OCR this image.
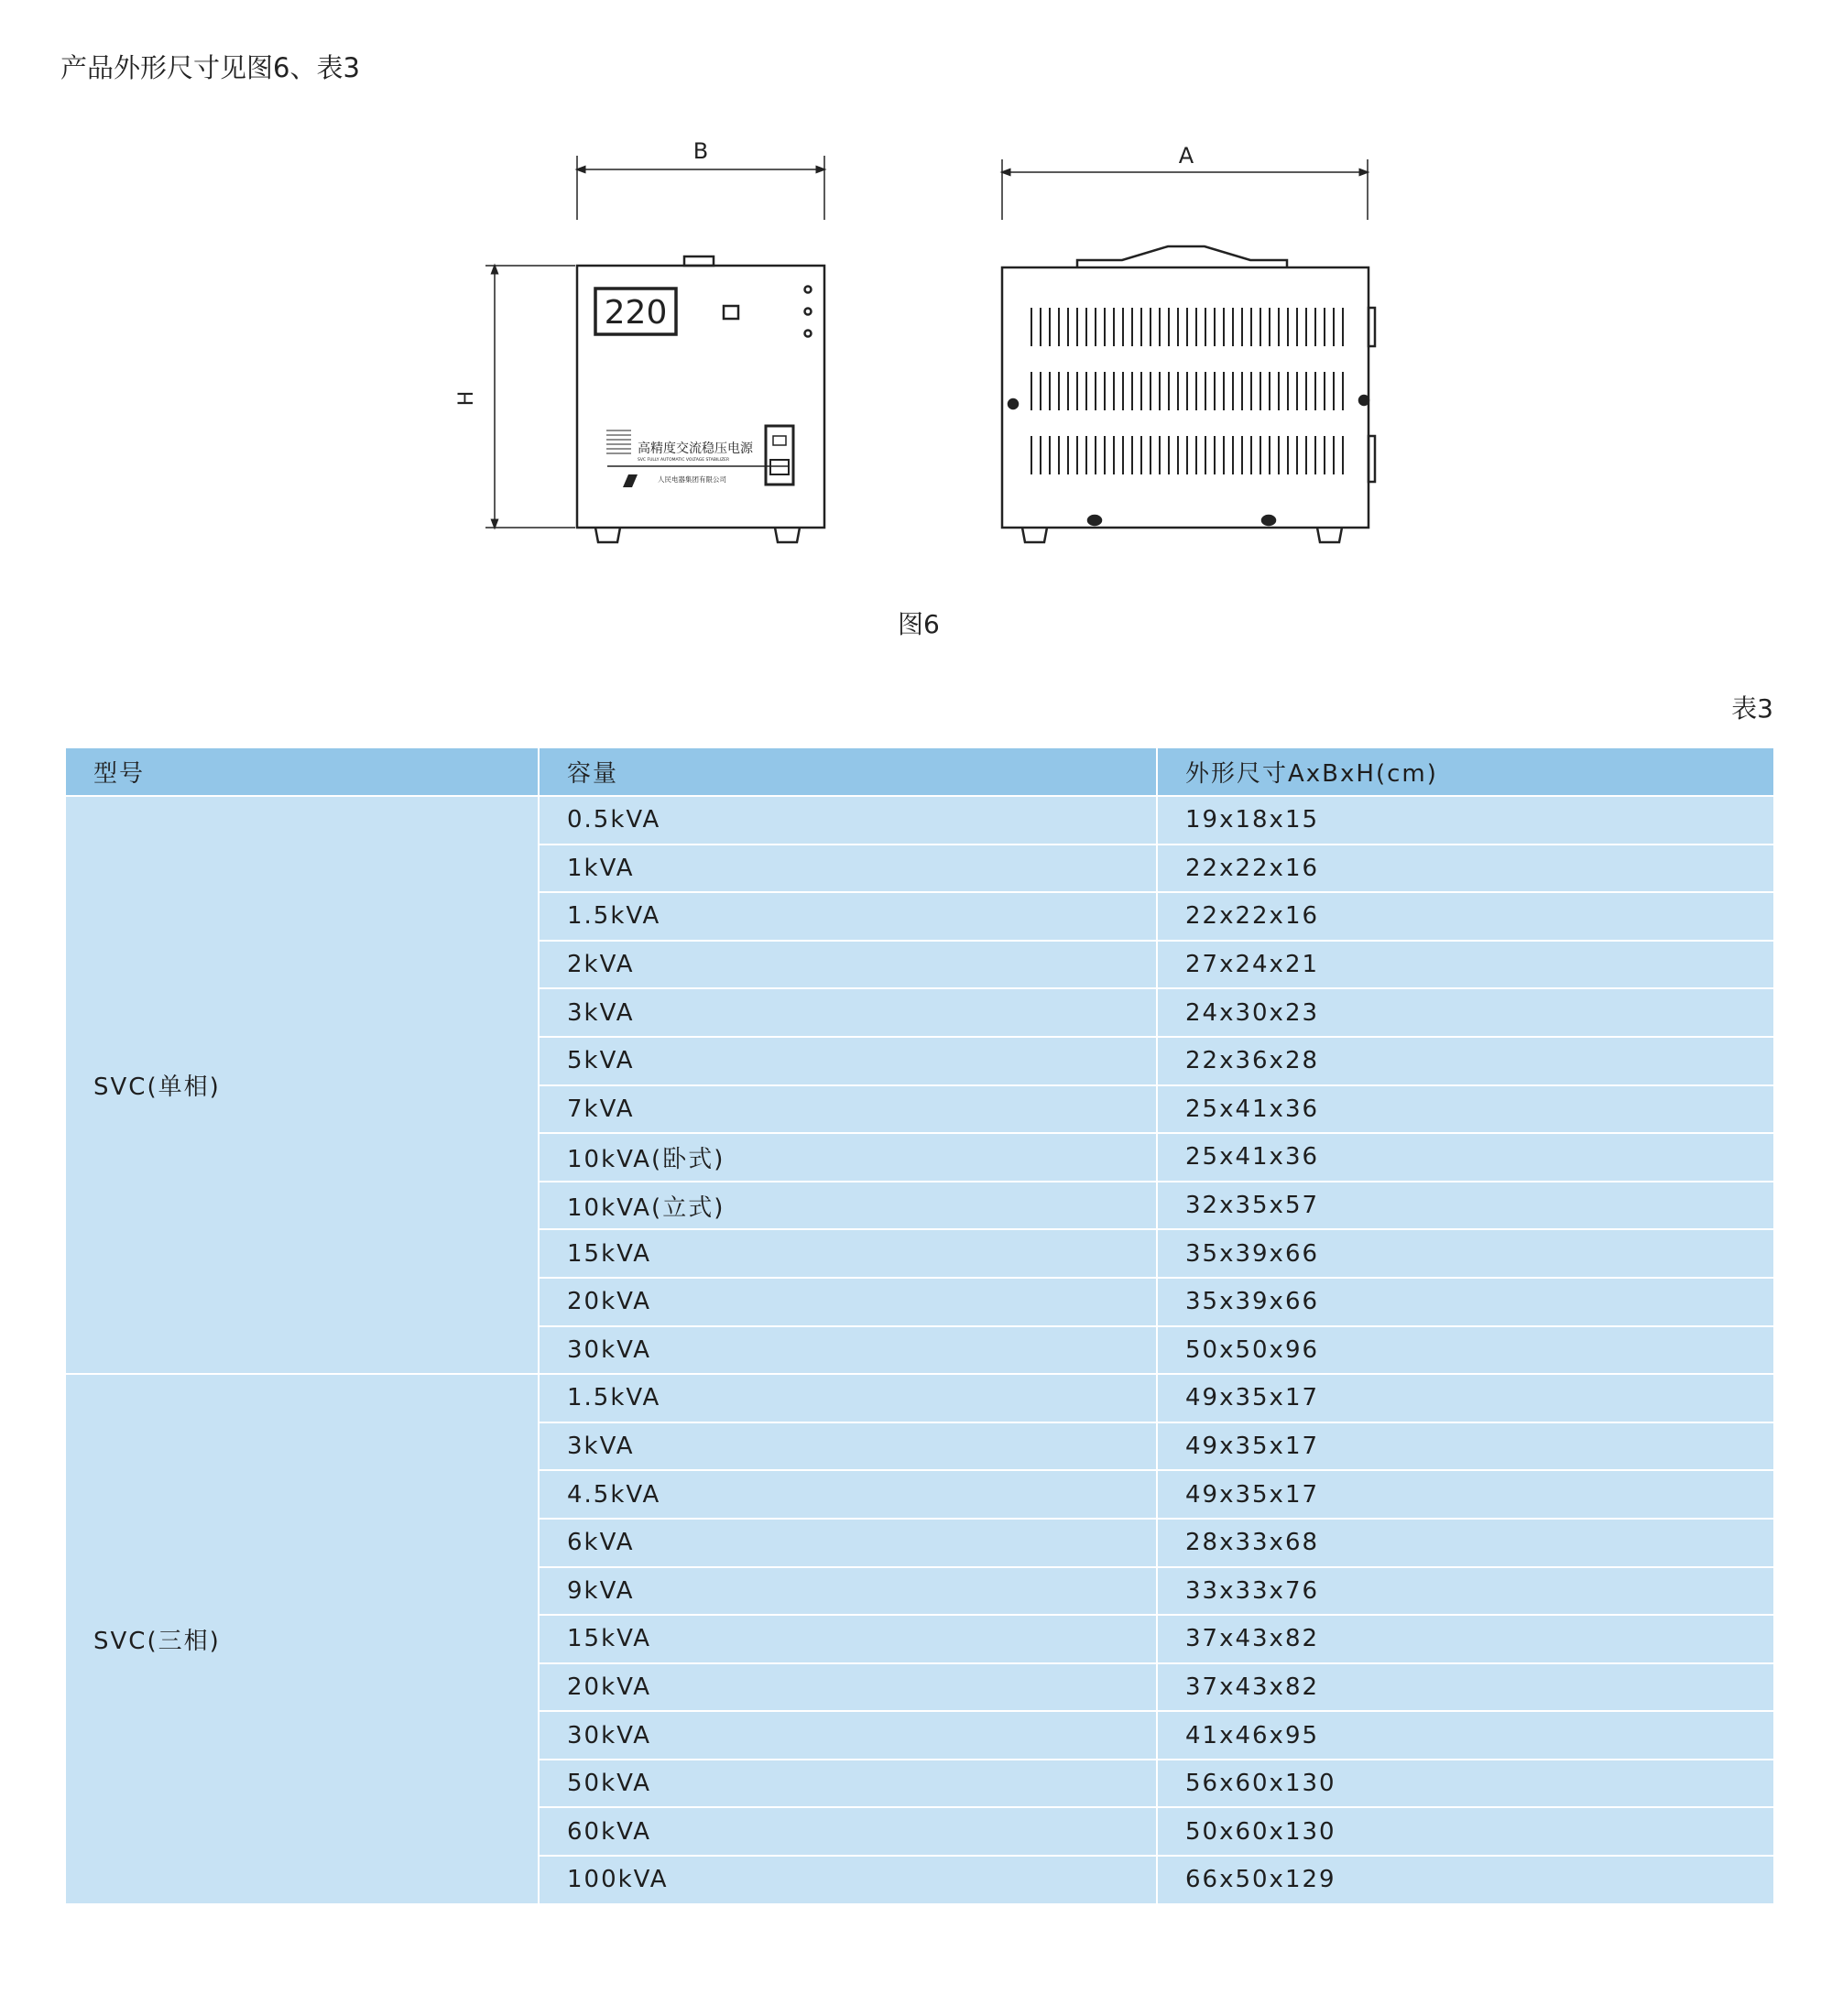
产品外形尺寸见图6、表3
B	A
H
220
高精度交流稳压电源
SVC FULLY AUTOMATIC VOLTAGE STABILIZER
人民电器集团有限公司
图6
表3
型号	容量	外形尺寸AxBxH(cm)
SVC(单相)	0.5kVA	19x18x15
	1kVA	22x22x16
	1.5kVA	22x22x16
	2kVA	27x24x21
	3kVA	24x30x23
	5kVA	22x36x28
	7kVA	25x41x36
	10kVA(卧式)	25x41x36
	10kVA(立式)	32x35x57
	15kVA	35x39x66
	20kVA	35x39x66
	30kVA	50x50x96
SVC(三相)	1.5kVA	49x35x17
	3kVA	49x35x17
	4.5kVA	49x35x17
	6kVA	28x33x68
	9kVA	33x33x76
	15kVA	37x43x82
	20kVA	37x43x82
	30kVA	41x46x95
	50kVA	56x60x130
	60kVA	50x60x130
	100kVA	66x50x129
